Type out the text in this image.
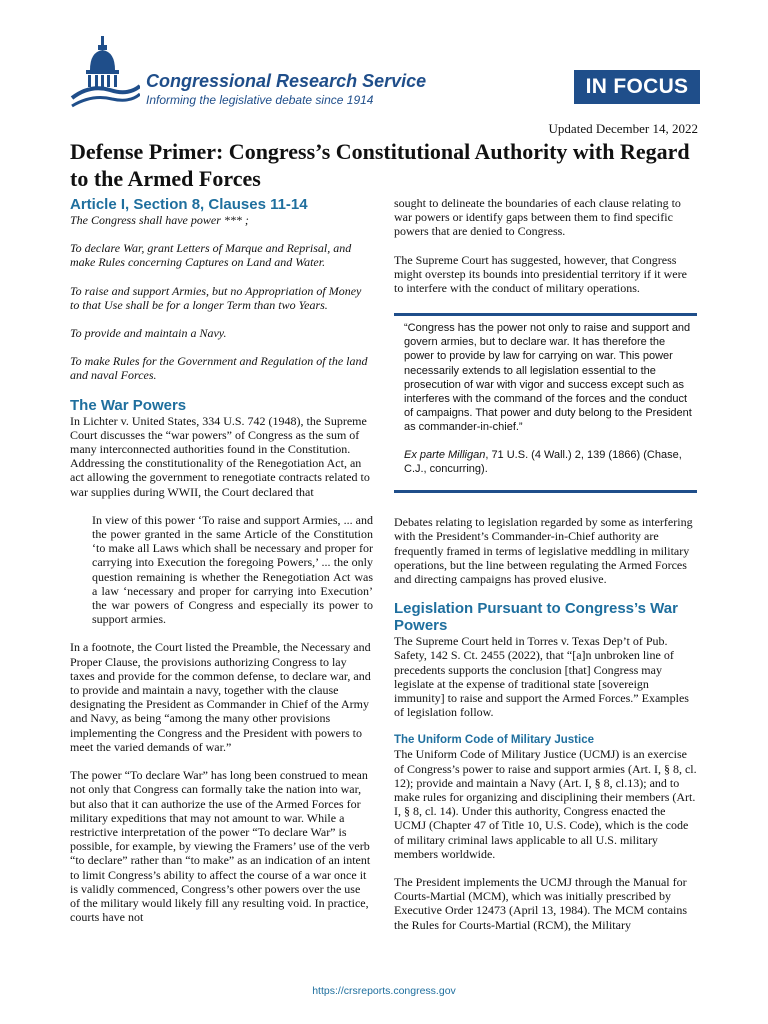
Congressional Research Service
Informing the legislative debate since 1914
IN FOCUS
Updated December 14, 2022
Defense Primer: Congress’s Constitutional Authority with Regard to the Armed Forces
Article I, Section 8, Clauses 11-14

The Congress shall have power *** ;

To declare War, grant Letters of Marque and Reprisal, and make Rules concerning Captures on Land and Water.

To raise and support Armies, but no Appropriation of Money to that Use shall be for a longer Term than two Years.

To provide and maintain a Navy.

To make Rules for the Government and Regulation of the land and naval Forces.

The War Powers

In Lichter v. United States, 334 U.S. 742 (1948), the Supreme Court discusses the “war powers” of Congress as the sum of many interconnected authorities found in the Constitution. Addressing the constitutionality of the Renegotiation Act, an act allowing the government to renegotiate contracts related to war supplies during WWII, the Court declared that

In view of this power ‘To raise and support Armies, ... and the power granted in the same Article of the Constitution ‘to make all Laws which shall be necessary and proper for carrying into Execution the foregoing Powers,’ ... the only question remaining is whether the Renegotiation Act was a law ‘necessary and proper for carrying into Execution’ the war powers of Congress and especially its power to support armies.

In a footnote, the Court listed the Preamble, the Necessary and Proper Clause, the provisions authorizing Congress to lay taxes and provide for the common defense, to declare war, and to provide and maintain a navy, together with the clause designating the President as Commander in Chief of the Army and Navy, as being “among the many other provisions implementing the Congress and the President with powers to meet the varied demands of war.”

The power “To declare War” has long been construed to mean not only that Congress can formally take the nation into war, but also that it can authorize the use of the Armed Forces for military expeditions that may not amount to war. While a restrictive interpretation of the power “To declare War” is possible, for example, by viewing the Framers’ use of the verb “to declare” rather than “to make” as an indication of an intent to limit Congress’s ability to affect the course of a war once it is validly commenced, Congress’s other powers over the use of the military would likely fill any resulting void. In practice, courts have not

sought to delineate the boundaries of each clause relating to war powers or identify gaps between them to find specific powers that are denied to Congress.

The Supreme Court has suggested, however, that Congress might overstep its bounds into presidential territory if it were to interfere with the conduct of military operations.

“Congress has the power not only to raise and support and govern armies, but to declare war. It has therefore the power to provide by law for carrying on war. This power necessarily extends to all legislation essential to the prosecution of war with vigor and success except such as interferes with the command of the forces and the conduct of campaigns. That power and duty belong to the President as commander-in-chief.”

Ex parte Milligan, 71 U.S. (4 Wall.) 2, 139 (1866) (Chase, C.J., concurring).

Debates relating to legislation regarded by some as interfering with the President’s Commander-in-Chief authority are frequently framed in terms of legislative meddling in military operations, but the line between regulating the Armed Forces and directing campaigns has proved elusive.

Legislation Pursuant to Congress’s War Powers

The Supreme Court held in Torres v. Texas Dep’t of Pub. Safety, 142 S. Ct. 2455 (2022), that “[a]n unbroken line of precedents supports the conclusion [that] Congress may legislate at the expense of traditional state [sovereign immunity] to raise and support the Armed Forces.” Examples of legislation follow.

The Uniform Code of Military Justice

The Uniform Code of Military Justice (UCMJ) is an exercise of Congress’s power to raise and support armies (Art. I, § 8, cl. 12); provide and maintain a Navy (Art. I, § 8, cl.13); and to make rules for organizing and disciplining their members (Art. I, § 8, cl. 14). Under this authority, Congress enacted the UCMJ (Chapter 47 of Title 10, U.S. Code), which is the code of military criminal laws applicable to all U.S. military members worldwide.

The President implements the UCMJ through the Manual for Courts-Martial (MCM), which was initially prescribed by Executive Order 12473 (April 13, 1984). The MCM contains the Rules for Courts-Martial (RCM), the Military

https://crsreports.congress.gov
